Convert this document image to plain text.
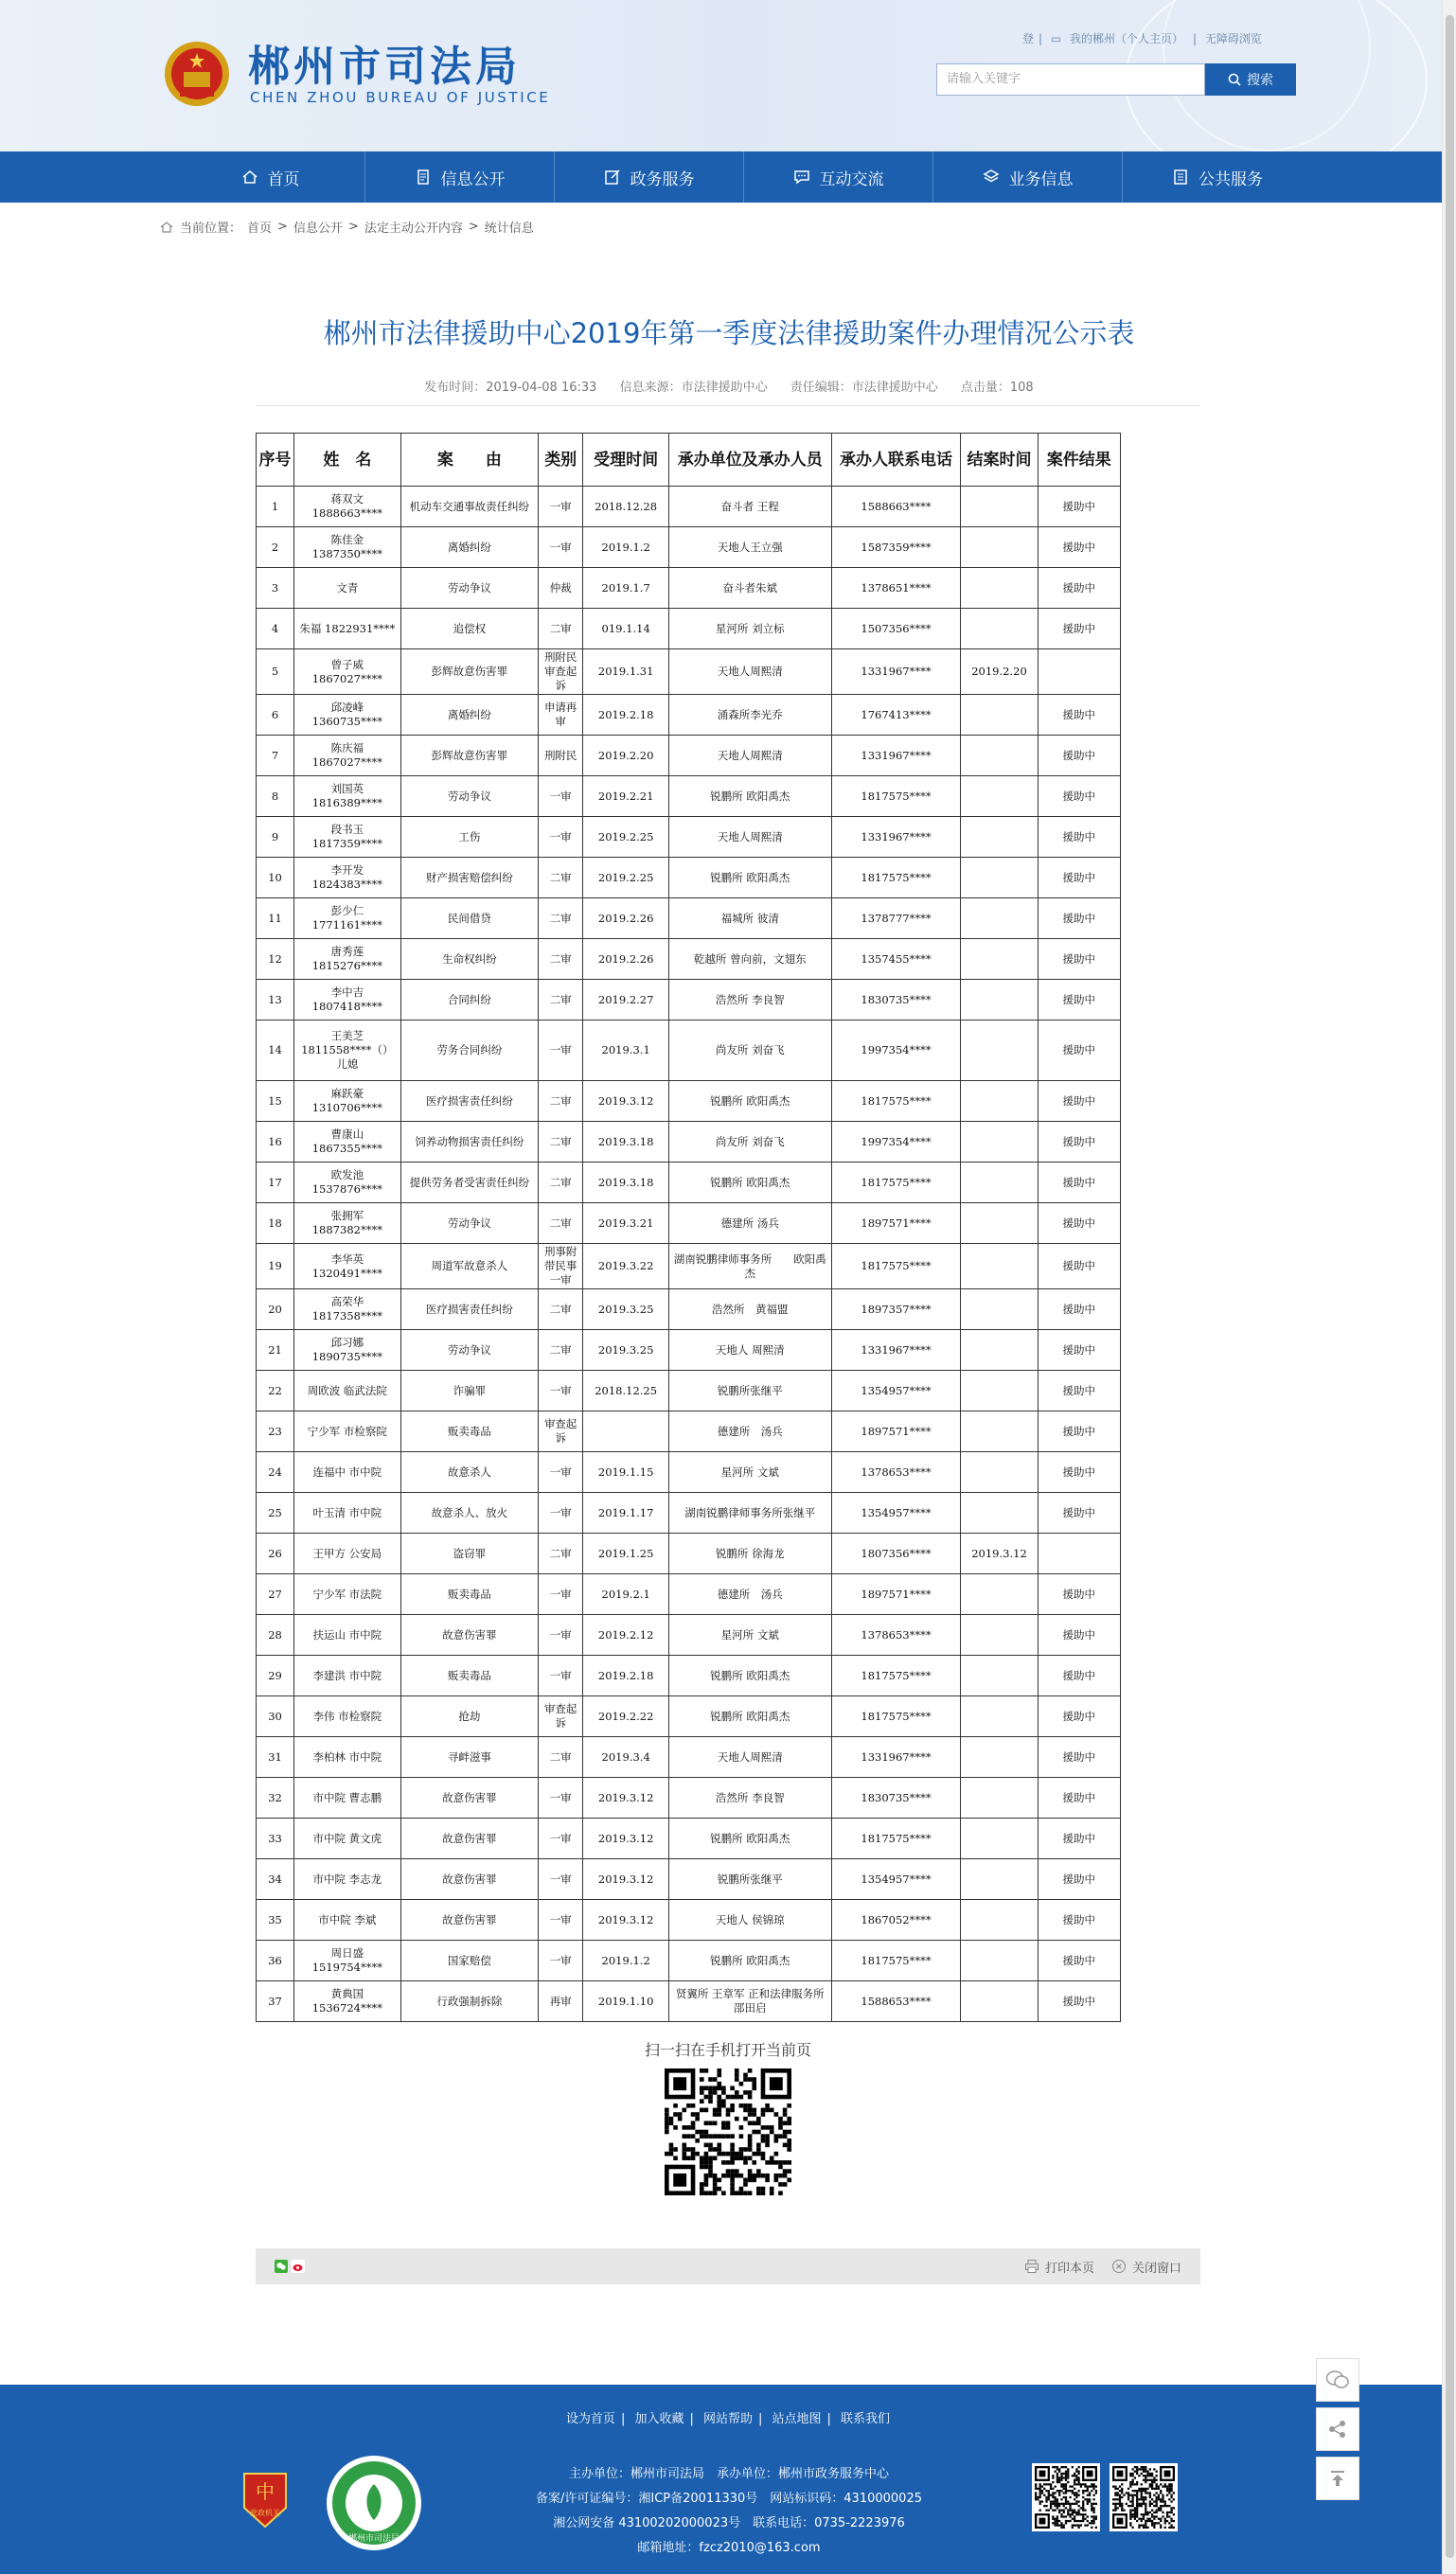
郴州市司法局
CHEN ZHOU BUREAU OF JUSTICE
登 | ▭ 我的郴州（个人主页） | 无障碍浏览
请输入关键字	搜索
首页	信息公开	政务服务	互动交流	业务信息	公共服务
当前位置： 首页 > 信息公开 > 法定主动公开内容 > 统计信息
郴州市法律援助中心2019年第一季度法律援助案件办理情况公示表
发布时间：2019-04-08 16:33 信息来源：市法律援助中心 责任编辑：市法律援助中心 点击量：108
序号	姓　名	案　　由	类别	受理时间	承办单位及承办人员	承办人联系电话	结案时间	案件结果
1	蒋双文 1888663****	机动车交通事故责任纠纷	一审	2018.12.28	奋斗者 王程	1588663****		援助中
2	陈佳金 1387350****	离婚纠纷	一审	2019.1.2	天地人王立强	1587359****		援助中
3	文青	劳动争议	仲裁	2019.1.7	奋斗者朱斌	1378651****		援助中
4	朱福 1822931****	追偿权	二审	019.1.14	星河所 刘立标	1507356****		援助中
5	曾子威 1867027****	彭辉故意伤害罪	刑附民 审查起诉	2019.1.31	天地人周熙清	1331967****	2019.2.20	
6	邱凌峰 1360735****	离婚纠纷	申请再审	2019.2.18	涌森所李光乔	1767413****		援助中
7	陈庆福 1867027****	彭辉故意伤害罪	刑附民	2019.2.20	天地人周熙清	1331967****		援助中
8	刘国英 1816389****	劳动争议	一审	2019.2.21	锐鹏所 欧阳禹杰	1817575****		援助中
9	段书玉 1817359****	工伤	一审	2019.2.25	天地人周熙清	1331967****		援助中
10	李开发 1824383****	财产损害赔偿纠纷	二审	2019.2.25	锐鹏所 欧阳禹杰	1817575****		援助中
11	彭少仁 1771161****	民间借贷	二审	2019.2.26	福城所 彼清	1378777****		援助中
12	唐秀莲 1815276****	生命权纠纷	二审	2019.2.26	乾越所 曾向前，文翅东	1357455****		援助中
13	李中吉 1807418****	合同纠纷	二审	2019.2.27	浩然所 李良智	1830735****		援助中
14	王美芝 1811558****（）儿媳	劳务合同纠纷	一审	2019.3.1	尚友所 刘奋飞	1997354****		援助中
15	麻跃豪 1310706****	医疗损害责任纠纷	二审	2019.3.12	锐鹏所 欧阳禹杰	1817575****		援助中
16	曹康山 1867355****	饲养动物损害责任纠纷	二审	2019.3.18	尚友所 刘奋飞	1997354****		援助中
17	欧发池 1537876****	提供劳务者受害责任纠纷	二审	2019.3.18	锐鹏所 欧阳禹杰	1817575****		援助中
18	张拥军 1887382****	劳动争议	二审	2019.3.21	德建所 汤兵	1897571****		援助中
19	李华英 1320491****	周道军故意杀人	刑事附带民事一审	2019.3.22	湖南锐鹏律师事务所　　欧阳禹杰	1817575****		援助中
20	高荣华 1817358****	医疗损害责任纠纷	二审	2019.3.25	浩然所　黄福盟	1897357****		援助中
21	邱习娜 1890735****	劳动争议	二审	2019.3.25	天地人 周熙清	1331967****		援助中
22	周欧波 临武法院	诈骗罪	一审	2018.12.25	锐鹏所张继平	1354957****		援助中
23	宁少军 市检察院	贩卖毒品	审查起诉		德建所　汤兵	1897571****		援助中
24	连福中 市中院	故意杀人	一审	2019.1.15	星河所 文斌	1378653****		援助中
25	叶玉清 市中院	故意杀人、放火	一审	2019.1.17	湖南锐鹏律师事务所张继平	1354957****		援助中
26	王甲方 公安局	盗窃罪	二审	2019.1.25	锐鹏所 徐海龙	1807356****	2019.3.12	
27	宁少军 市法院	贩卖毒品	一审	2019.2.1	德建所　汤兵	1897571****		援助中
28	扶运山 市中院	故意伤害罪	一审	2019.2.12	星河所 文斌	1378653****		援助中
29	李建洪 市中院	贩卖毒品	一审	2019.2.18	锐鹏所 欧阳禹杰	1817575****		援助中
30	李伟 市检察院	抢劫	审查起诉	2019.2.22	锐鹏所 欧阳禹杰	1817575****		援助中
31	李柏林 市中院	寻衅滋事	二审	2019.3.4	天地人周熙清	1331967****		援助中
32	市中院 曹志鹏	故意伤害罪	一审	2019.3.12	浩然所 李良智	1830735****		援助中
33	市中院 黄文虎	故意伤害罪	一审	2019.3.12	锐鹏所 欧阳禹杰	1817575****		援助中
34	市中院 李志龙	故意伤害罪	一审	2019.3.12	锐鹏所张继平	1354957****		援助中
35	市中院 李斌	故意伤害罪	一审	2019.3.12	天地人 侯锦琼	1867052****		援助中
36	周日盛 1519754****	国家赔偿	一审	2019.1.2	锐鹏所 欧阳禹杰	1817575****		援助中
37	黄典国 1536724****	行政强制拆除	再审	2019.1.10	贤翼所 王章军 正和法律服务所 邵田启	1588653****		援助中
扫一扫在手机打开当前页
打印本页	关闭窗口
设为首页 | 加入收藏 | 网站帮助 | 站点地图 | 联系我们
中
党政机关
郴州市司法局
主办单位：郴州市司法局　承办单位：郴州市政务服务中心
备案/许可证编号：湘ICP备20011330号　网站标识码：4310000025
湘公网安备 43100202000023号　联系电话：0735-2223976
邮箱地址：fzcz2010@163.com
